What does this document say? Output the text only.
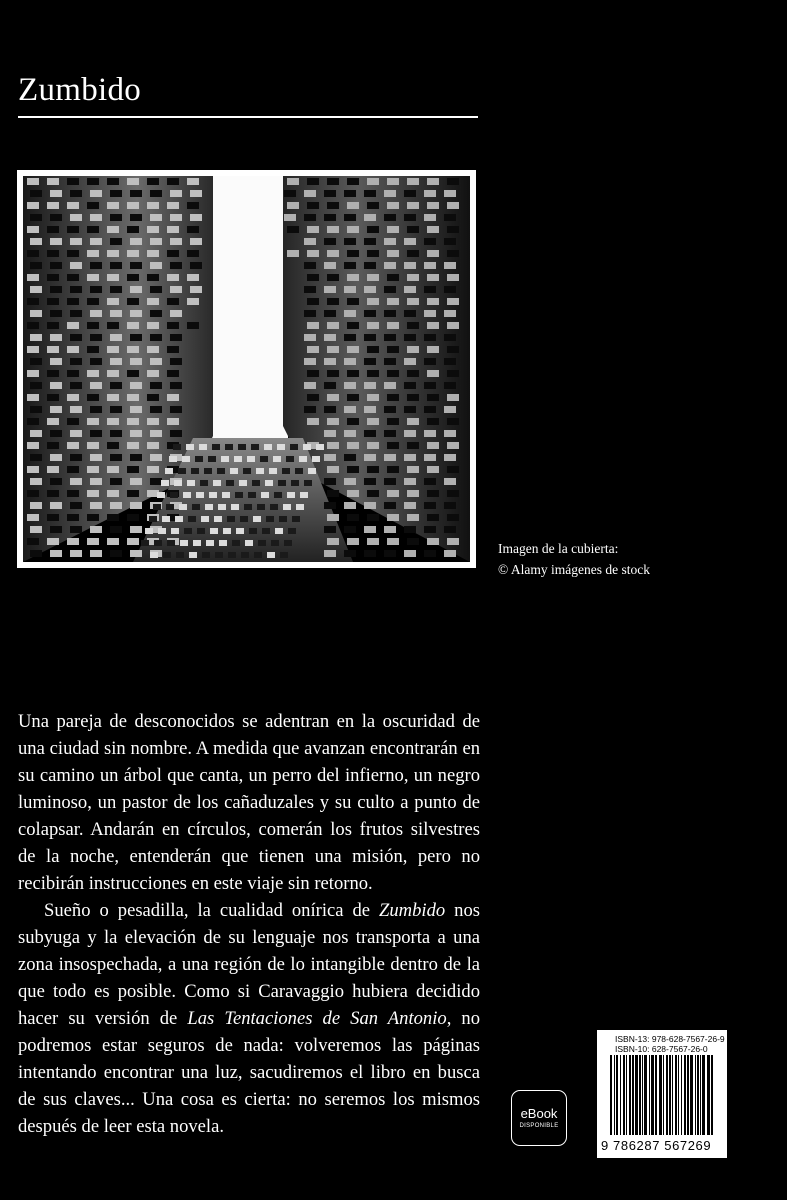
Zumbido
Imagen de la cubierta:
© Alamy imágenes de stock

Una pareja de desconocidos se adentran en la oscuridad de una ciudad sin nombre. A medida que avanzan encontrarán en su camino un árbol que canta, un perro del infierno, un negro luminoso, un pastor de los cañaduzales y su culto a punto de colapsar. Andarán en círculos, comerán los frutos silvestres de la noche, entenderán que tienen una misión, pero no recibirán instrucciones en este viaje sin retorno.

Sueño o pesadilla, la cualidad onírica de Zumbido nos subyuga y la elevación de su lenguaje nos transporta a una zona insospechada, a una región de lo intangible dentro de la que todo es posible. Como si Caravaggio hubiera decidido hacer su versión de Las Tentaciones de San Antonio, no podremos estar seguros de nada: volveremos las páginas intentando encontrar una luz, sacudiremos el libro en busca de sus claves... Una cosa es cierta: no seremos los mismos después de leer esta novela.

eBook
DISPONIBLE
ISBN-13: 978-628-7567-26-9
ISBN-10: 628-7567-26-0
9 786287 567269
